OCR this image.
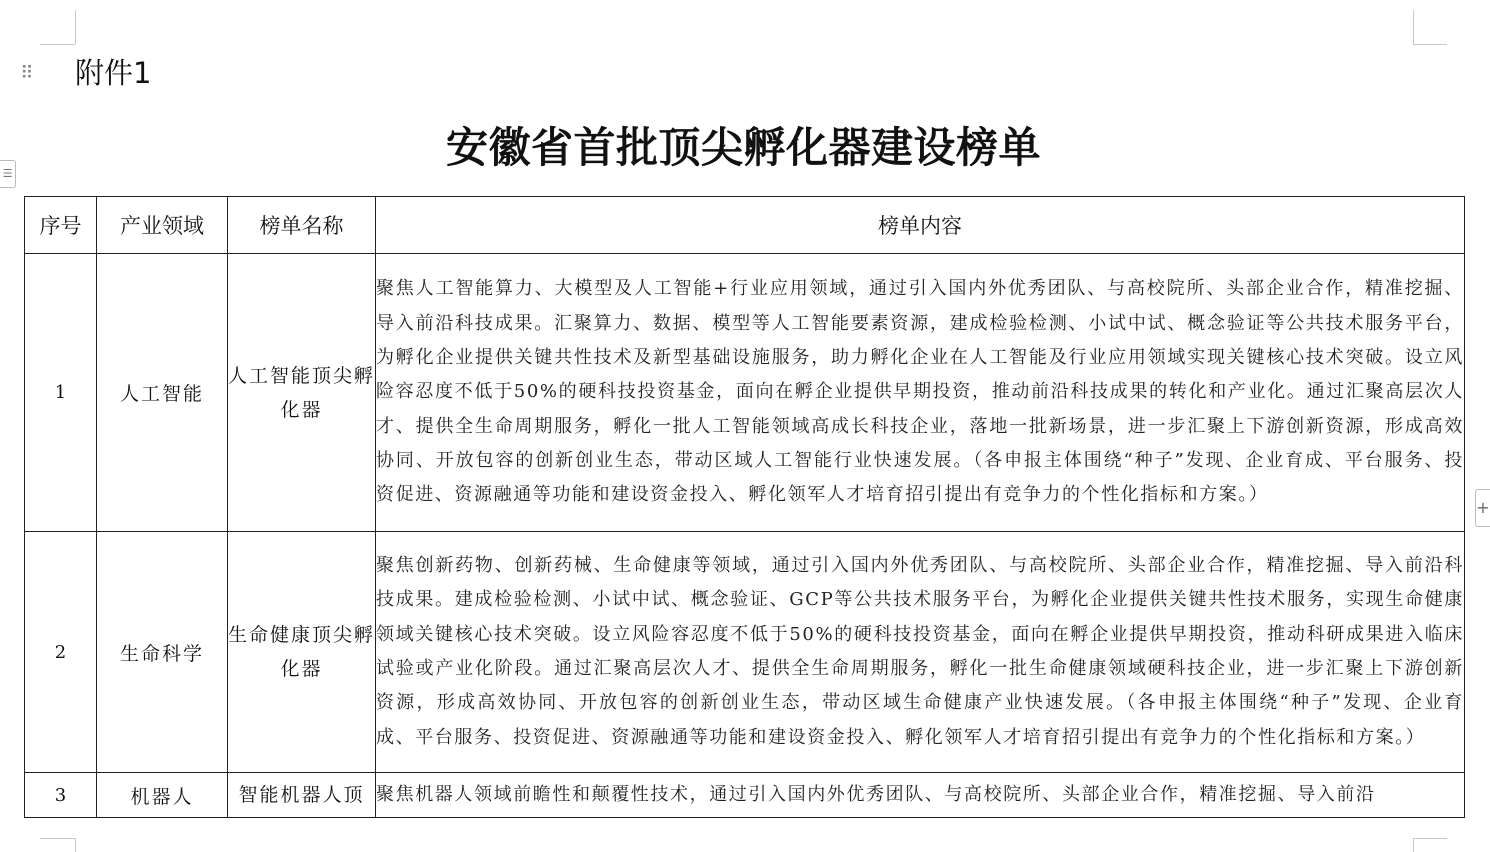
⠿ 附件1
安徽省首批顶尖孵化器建设榜单
☰
+
序号	产业领域	榜单名称	榜单内容
1	人工智能	人工智能顶尖孵化器	聚焦人工智能算力、大模型及人工智能+行业应用领域，通过引入国内外优秀团队、与高校院所、头部企业合作，精准挖掘、导入前沿科技成果。汇聚算力、数据、模型等人工智能要素资源，建成检验检测、小试中试、概念验证等公共技术服务平台，为孵化企业提供关键共性技术及新型基础设施服务，助力孵化企业在人工智能及行业应用领域实现关键核心技术突破。设立风险容忍度不低于50%的硬科技投资基金，面向在孵企业提供早期投资，推动前沿科技成果的转化和产业化。通过汇聚高层次人才、提供全生命周期服务，孵化一批人工智能领域高成长科技企业，落地一批新场景，进一步汇聚上下游创新资源，形成高效协同、开放包容的创新创业生态，带动区域人工智能行业快速发展。（各申报主体围绕“种子”发现、企业育成、平台服务、投资促进、资源融通等功能和建设资金投入、孵化领军人才培育招引提出有竞争力的个性化指标和方案。）
2	生命科学	生命健康顶尖孵化器	聚焦创新药物、创新药械、生命健康等领域，通过引入国内外优秀团队、与高校院所、头部企业合作，精准挖掘、导入前沿科技成果。建成检验检测、小试中试、概念验证、GCP等公共技术服务平台，为孵化企业提供关键共性技术服务，实现生命健康领域关键核心技术突破。设立风险容忍度不低于50%的硬科技投资基金，面向在孵企业提供早期投资，推动科研成果进入临床试验或产业化阶段。通过汇聚高层次人才、提供全生命周期服务，孵化一批生命健康领域硬科技企业，进一步汇聚上下游创新资源，形成高效协同、开放包容的创新创业生态，带动区域生命健康产业快速发展。（各申报主体围绕“种子”发现、企业育成、平台服务、投资促进、资源融通等功能和建设资金投入、孵化领军人才培育招引提出有竞争力的个性化指标和方案。）
3	机器人	智能机器人顶	聚焦机器人领域前瞻性和颠覆性技术，通过引入国内外优秀团队、与高校院所、头部企业合作，精准挖掘、导入前沿
